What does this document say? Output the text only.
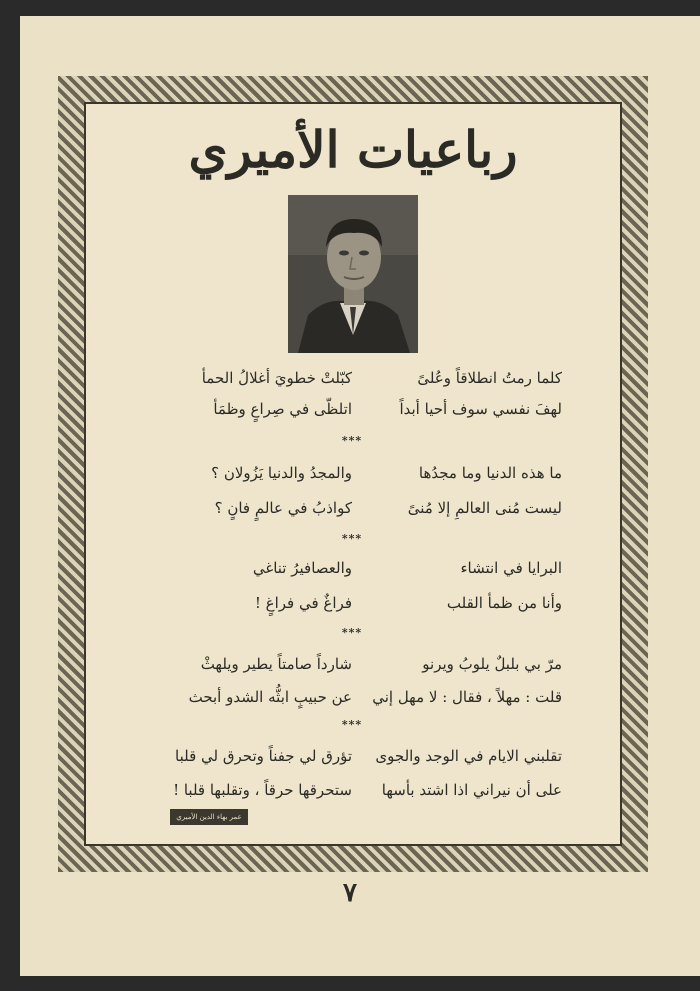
رباعيات الأميري
كلما رمتُ انطلاقاً وعُلىً
كبّلتْ خطويَ أغلالُ الحمأ
لهفَ نفسي سوف أحيا أبداً
اتلظّى في صِراعٍ وظمَأ
***
ما هذه الدنيا وما مجدُها
والمجدُ والدنيا يَزُولان ؟
ليست مُنى العالمِ إلا مُنىً
كواذبُ في عالمٍ فانٍ ؟
***
البرايا في انتشاء
والعصافيرُ تناغي
وأنا من ظمأ القلب
فراغٌ في فراغٍ !
***
مرّ بي بلبلٌ يلوبُ ويرنو
شارداً صامتاً يطير ويلهثْ
قلت : مهلاً ، فقال : لا مهل إني
عن حبيبٍ ابثُّه الشدو أبحث
***
تقلبني الايام في الوجد والجوى
تؤرق لي جفناً وتحرق لي قلبا
على أن نيراني اذا اشتد بأسها
ستحرقها حرقاً ، وتقلبها قلبا !
عمر بهاء الدين الأميري
٧
